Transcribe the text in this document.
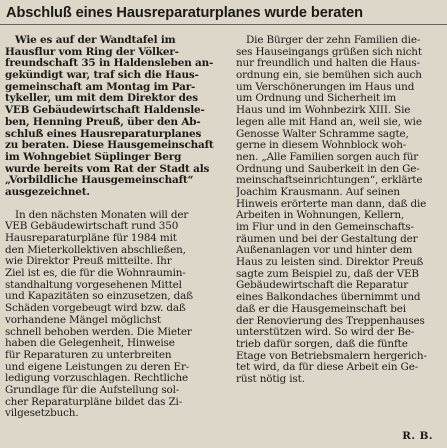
Abschluß eines Hausreparaturplanes wurde beraten
Wie es auf der Wandtafel im
Hausflur vom Ring der Völker-
freundschaft 35 in Haldensleben an-
gekündigt war, traf sich die Haus-
gemeinschaft am Montag im Par-
tykeller, um mit dem Direktor des
VEB Gebäudewirtschaft Haldensle-
ben, Henning Preuß, über den Ab-
schluß eines Hausreparaturplanes
zu beraten. Diese Hausgemeinschaft
im Wohngebiet Süplinger Berg
wurde bereits vom Rat der Stadt als
„Vorbildliche Hausgemeinschaft“
ausgezeichnet.
In den nächsten Monaten will der
VEB Gebäudewirtschaft rund 350
Hausreparaturpläne für 1984 mit
den Mieterkollektiven abschließen,
wie Direktor Preuß mitteilte. Ihr
Ziel ist es, die für die Wohnraumin-
standhaltung vorgesehenen Mittel
und Kapazitäten so einzusetzen, daß
Schäden vorgebeugt wird bzw. daß
vorhandene Mängel möglichst
schnell behoben werden. Die Mieter
haben die Gelegenheit, Hinweise
für Reparaturen zu unterbreiten
und eigene Leistungen zu deren Er-
ledigung vorzuschlagen. Rechtliche
Grundlage für die Aufstellung sol-
cher Reparaturpläne bildet das Zi-
vilgesetzbuch.
Die Bürger der zehn Familien die-
ses Hauseingangs grüßen sich nicht
nur freundlich und halten die Haus-
ordnung ein, sie bemühen sich auch
um Verschönerungen im Haus und
um Ordnung und Sicherheit im
Haus und im Wohnbezirk XIII. Sie
legen alle mit Hand an, weil sie, wie
Genosse Walter Schramme sagte,
gerne in diesem Wohnblock woh-
nen. „Alle Familien sorgen auch für
Ordnung und Sauberkeit in den Ge-
meinschaftseinrichtungen“, erklärte
Joachim Krausmann. Auf seinen
Hinweis erörterte man dann, daß die
Arbeiten in Wohnungen, Kellern,
im Flur und in den Gemeinschafts-
räumen und bei der Gestaltung der
Außenanlagen vor und hinter dem
Haus zu leisten sind. Direktor Preuß
sagte zum Beispiel zu, daß der VEB
Gebäudewirtschaft die Reparatur
eines Balkondaches übernimmt und
daß er die Hausgemeinschaft bei
der Renovierung des Treppenhauses
unterstützen wird. So wird der Be-
trieb dafür sorgen, daß die fünfte
Etage von Betriebsmalern hergerich-
tet wird, da für diese Arbeit ein Ge-
rüst nötig ist.
R. B.
